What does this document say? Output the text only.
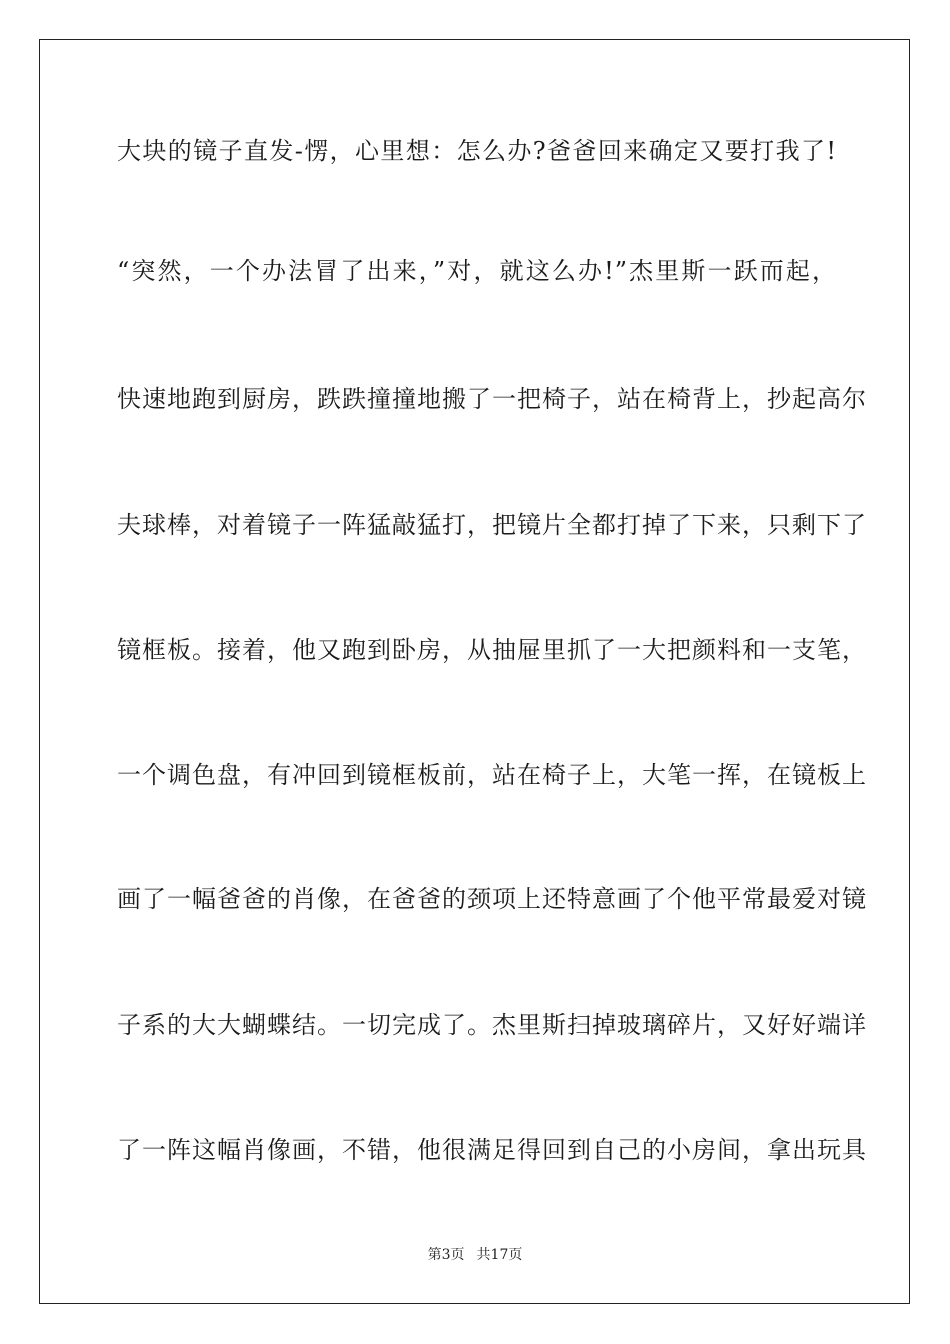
大块的镜子直发-愣，心里想：怎么办?爸爸回来确定又要打我了!
“突然，一个办法冒了出来，”对，就这么办!”杰里斯一跃而起，
快速地跑到厨房，跌跌撞撞地搬了一把椅子，站在椅背上，抄起高尔
夫球棒，对着镜子一阵猛敲猛打，把镜片全都打掉了下来，只剩下了
镜框板。接着，他又跑到卧房，从抽屉里抓了一大把颜料和一支笔，
一个调色盘，有冲回到镜框板前，站在椅子上，大笔一挥，在镜板上
画了一幅爸爸的肖像，在爸爸的颈项上还特意画了个他平常最爱对镜
子系的大大蝴蝶结。一切完成了。杰里斯扫掉玻璃碎片，又好好端详
了一阵这幅肖像画，不错，他很满足得回到自己的小房间，拿出玩具
第3页 共17页
